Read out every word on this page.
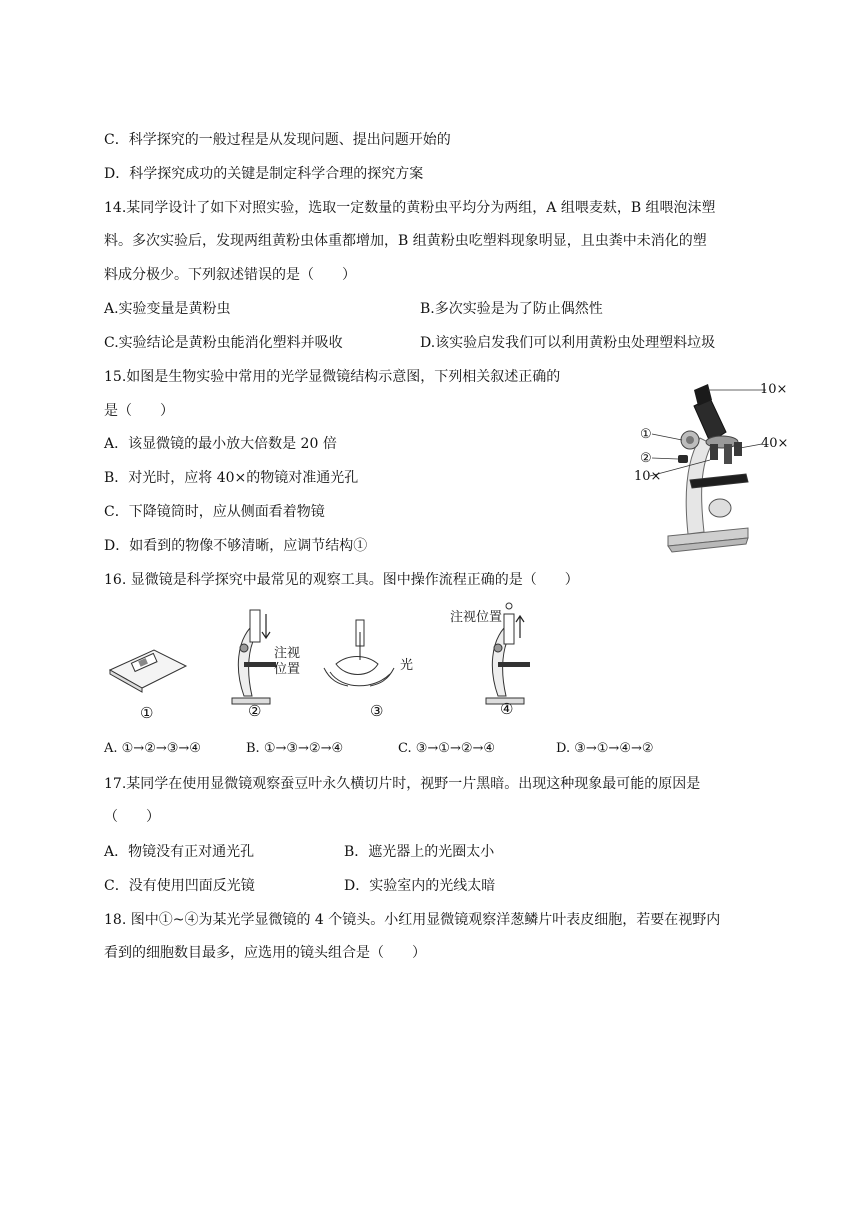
C．科学探究的一般过程是从发现问题、提出问题开始的
D．科学探究成功的关键是制定科学合理的探究方案
14.某同学设计了如下对照实验，选取一定数量的黄粉虫平均分为两组，A 组喂麦麸，B 组喂泡沫塑
料。多次实验后，发现两组黄粉虫体重都增加，B 组黄粉虫吃塑料现象明显，且虫粪中未消化的塑
料成分极少。下列叙述错误的是（　　）
A.实验变量是黄粉虫	B.多次实验是为了防止偶然性
C.实验结论是黄粉虫能消化塑料并吸收	D.该实验启发我们可以利用黄粉虫处理塑料垃圾
15.如图是生物实验中常用的光学显微镜结构示意图，下列相关叙述正确的
是（　　）
A．该显微镜的最小放大倍数是 20 倍
B．对光时，应将 40×的物镜对准通光孔
C．下降镜筒时，应从侧面看着物镜
D．如看到的物像不够清晰，应调节结构①
10×
40×
10×
①
②
16. 显微镜是科学探究中最常见的观察工具。图中操作流程正确的是（　　）
①	②	③	④
注视
位置	光
注视位置
A. ①→②→③→④	B. ①→③→②→④	C. ③→①→②→④	D. ③→①→④→②
17.某同学在使用显微镜观察蚕豆叶永久横切片时，视野一片黑暗。出现这种现象最可能的原因是
（　　）
A．物镜没有正对通光孔	B．遮光器上的光圈太小
C．没有使用凹面反光镜	D．实验室内的光线太暗
18. 图中①~④为某光学显微镜的 4 个镜头。小红用显微镜观察洋葱鳞片叶表皮细胞，若要在视野内
看到的细胞数目最多，应选用的镜头组合是（　　）
